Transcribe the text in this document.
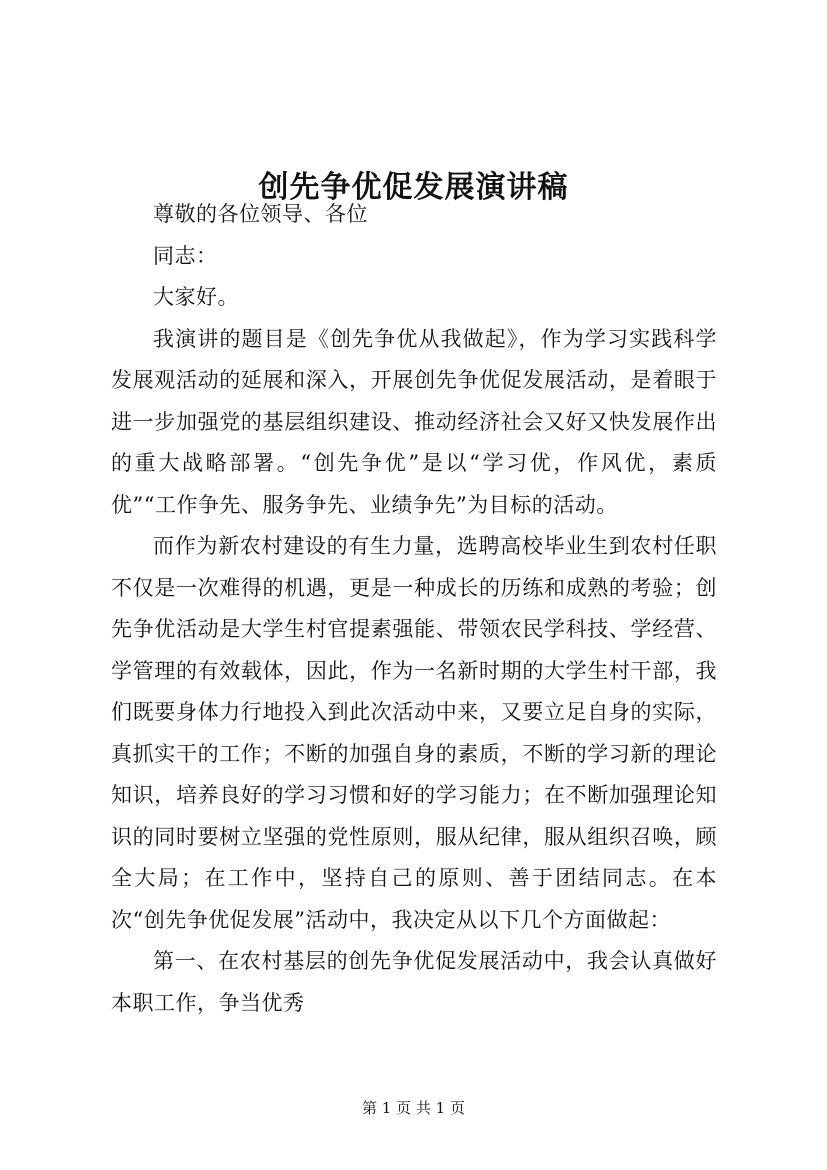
创先争优促发展演讲稿

尊敬的各位领导、各位

同志：

大家好。

我演讲的题目是《创先争优从我做起》，作为学习实践科学发展观活动的延展和深入，开展创先争优促发展活动，是着眼于进一步加强党的基层组织建设、推动经济社会又好又快发展作出的重大战略部署。“创先争优”是以“学习优，作风优，素质优”“工作争先、服务争先、业绩争先”为目标的活动。

而作为新农村建设的有生力量，选聘高校毕业生到农村任职不仅是一次难得的机遇，更是一种成长的历练和成熟的考验；创先争优活动是大学生村官提素强能、带领农民学科技、学经营、学管理的有效载体，因此，作为一名新时期的大学生村干部，我们既要身体力行地投入到此次活动中来，又要立足自身的实际，真抓实干的工作；不断的加强自身的素质，不断的学习新的理论知识，培养良好的学习习惯和好的学习能力；在不断加强理论知识的同时要树立坚强的党性原则，服从纪律，服从组织召唤，顾全大局；在工作中，坚持自己的原则、善于团结同志。在本次“创先争优促发展”活动中，我决定从以下几个方面做起：

第一、在农村基层的创先争优促发展活动中，我会认真做好本职工作，争当优秀

第 1 页 共 1 页
